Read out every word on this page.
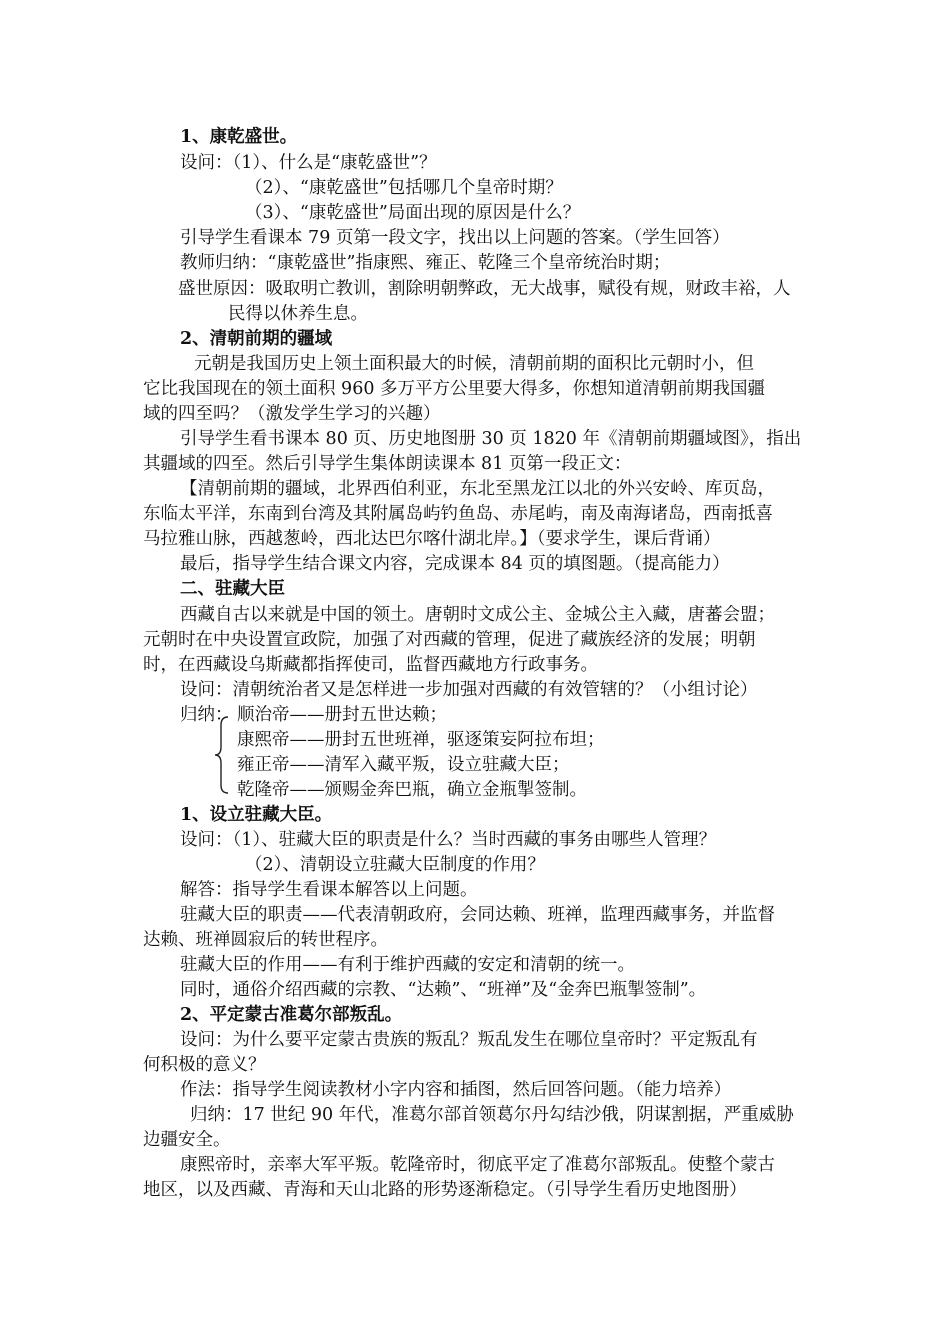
1、康乾盛世。
设问：（1）、什么是“康乾盛世”？
（2）、“康乾盛世”包括哪几个皇帝时期？
（3）、“康乾盛世”局面出现的原因是什么？
引导学生看课本 79 页第一段文字，找出以上问题的答案。（学生回答）
教师归纳：“康乾盛世”指康熙、雍正、乾隆三个皇帝统治时期；
盛世原因：吸取明亡教训，割除明朝弊政，无大战事，赋役有规，财政丰裕，人
民得以休养生息。
2、清朝前期的疆域
元朝是我国历史上领土面积最大的时候，清朝前期的面积比元朝时小，但
它比我国现在的领土面积 960 多万平方公里要大得多，你想知道清朝前期我国疆
域的四至吗？（激发学生学习的兴趣）
引导学生看书课本 80 页、历史地图册 30 页 1820 年《清朝前期疆域图》，指出
其疆域的四至。然后引导学生集体朗读课本 81 页第一段正文：
【清朝前期的疆域，北界西伯利亚，东北至黑龙江以北的外兴安岭、库页岛，
东临太平洋，东南到台湾及其附属岛屿钓鱼岛、赤尾屿，南及南海诸岛，西南抵喜
马拉雅山脉，西越葱岭，西北达巴尔喀什湖北岸。】（要求学生，课后背诵）
最后，指导学生结合课文内容，完成课本 84 页的填图题。（提高能力）
二、驻藏大臣
西藏自古以来就是中国的领土。唐朝时文成公主、金城公主入藏，唐蕃会盟；
元朝时在中央设置宣政院，加强了对西藏的管理，促进了藏族经济的发展；明朝
时，在西藏设乌斯藏都指挥使司，监督西藏地方行政事务。
设问：清朝统治者又是怎样进一步加强对西藏的有效管辖的？（小组讨论）
归纳： 顺治帝——册封五世达赖；
康熙帝——册封五世班禅，驱逐策妄阿拉布坦；
雍正帝——清军入藏平叛，设立驻藏大臣；
乾隆帝——颁赐金奔巴瓶，确立金瓶掣签制。
1、设立驻藏大臣。
设问：（1）、驻藏大臣的职责是什么？当时西藏的事务由哪些人管理？
（2）、清朝设立驻藏大臣制度的作用？
解答：指导学生看课本解答以上问题。
驻藏大臣的职责——代表清朝政府，会同达赖、班禅，监理西藏事务，并监督
达赖、班禅圆寂后的转世程序。
驻藏大臣的作用——有利于维护西藏的安定和清朝的统一。
同时，通俗介绍西藏的宗教、“达赖”、“班禅”及“金奔巴瓶掣签制”。
2、平定蒙古准葛尔部叛乱。
设问：为什么要平定蒙古贵族的叛乱？叛乱发生在哪位皇帝时？平定叛乱有
何积极的意义？
作法：指导学生阅读教材小字内容和插图，然后回答问题。（能力培养）
归纳：17 世纪 90 年代，准葛尔部首领葛尔丹勾结沙俄，阴谋割据，严重威胁
边疆安全。
康熙帝时，亲率大军平叛。乾隆帝时，彻底平定了准葛尔部叛乱。使整个蒙古
地区，以及西藏、青海和天山北路的形势逐渐稳定。（引导学生看历史地图册）
